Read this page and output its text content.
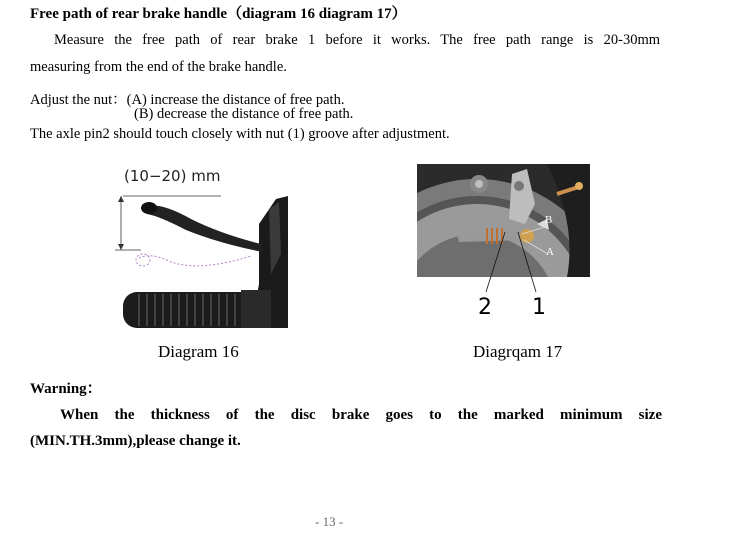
Free path of rear brake handle（diagram 16 diagram 17）
Measure the free path of rear brake 1 before it works. The free path range is 20-30mm
measuring from the end of the brake handle.
Adjust the nut：(A) increase the distance of free path.
(B) decrease the distance of free path.
The axle pin2 should touch closely with nut (1) groove after adjustment.
(10−20) mm
B
A
2 1
Diagram 16	Diagrqam 17
Warning：
When the thickness of the disc brake goes to the marked minimum size
(MIN.TH.3mm),please change it.
- 13 -
